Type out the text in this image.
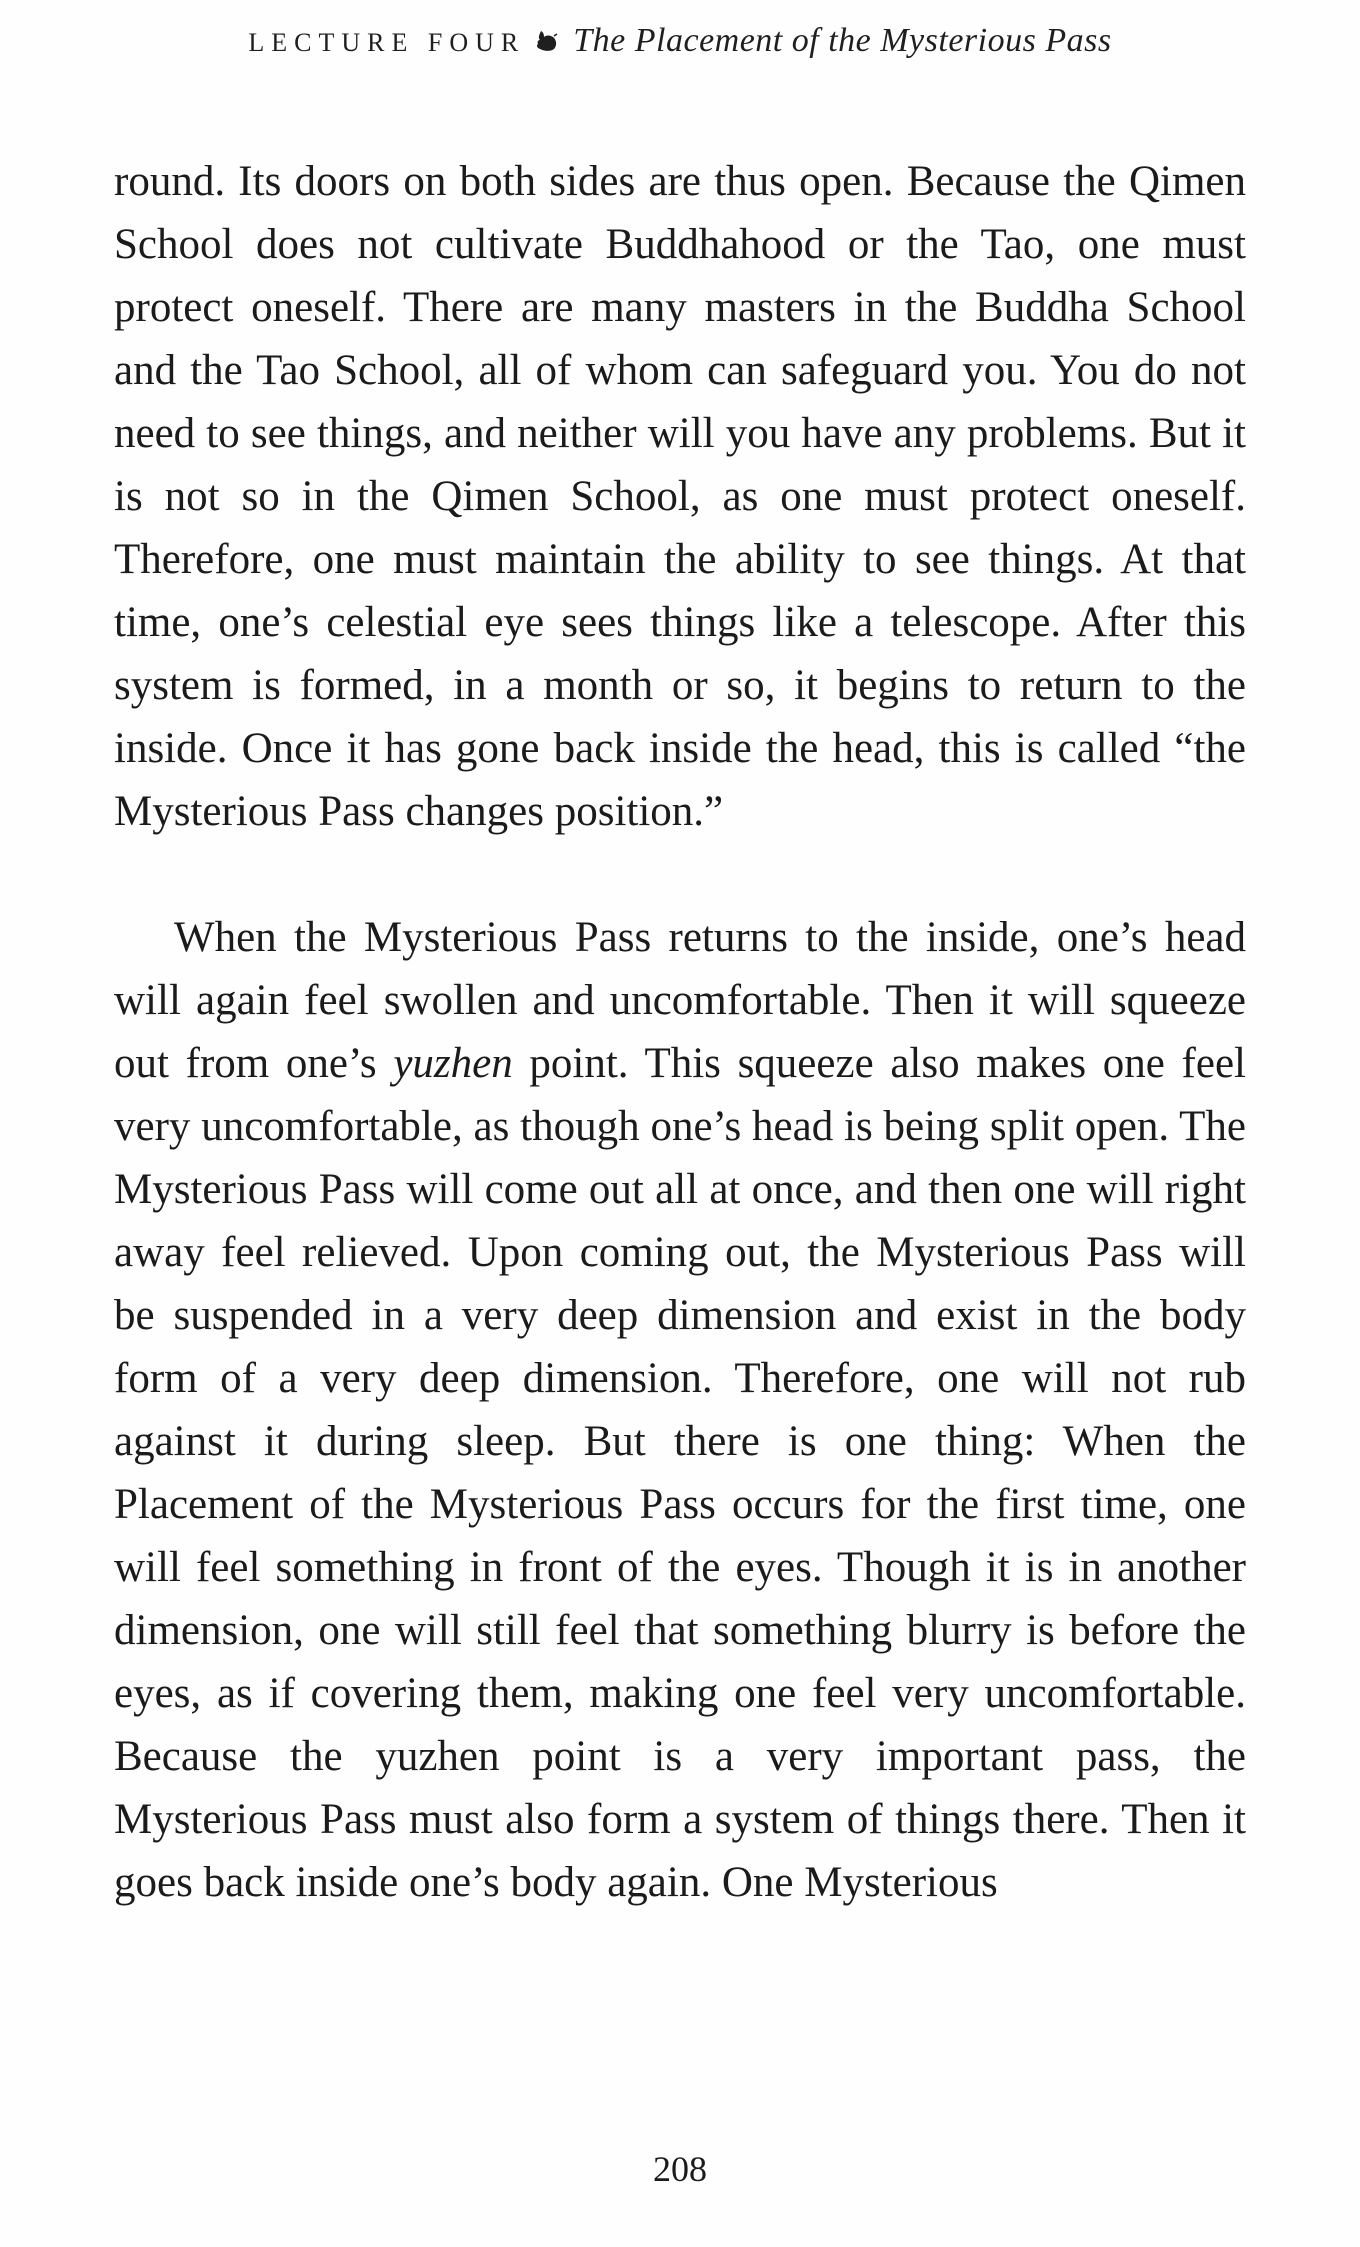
LECTURE FOUR The Placement of the Mysterious Pass

round. Its doors on both sides are thus open. Because the Qimen School does not cultivate Buddhahood or the Tao, one must protect oneself. There are many masters in the Buddha School and the Tao School, all of whom can safeguard you. You do not need to see things, and neither will you have any problems. But it is not so in the Qimen School, as one must protect oneself. Therefore, one must maintain the ability to see things. At that time, one’s celestial eye sees things like a telescope. After this system is formed, in a month or so, it begins to return to the inside. Once it has gone back inside the head, this is called “the Mysterious Pass changes position.”

When the Mysterious Pass returns to the inside, one’s head will again feel swollen and uncomfortable. Then it will squeeze out from one’s yuzhen point. This squeeze also makes one feel very uncomfortable, as though one’s head is being split open. The Mysterious Pass will come out all at once, and then one will right away feel relieved. Upon coming out, the Mysterious Pass will be suspended in a very deep dimension and exist in the body form of a very deep dimension. Therefore, one will not rub against it during sleep. But there is one thing: When the Placement of the Mysterious Pass occurs for the first time, one will feel something in front of the eyes. Though it is in another dimension, one will still feel that something blurry is before the eyes, as if covering them, making one feel very uncomfortable. Because the yuzhen point is a very important pass, the Mysterious Pass must also form a system of things there. Then it goes back inside one’s body again. One Mysterious

208
